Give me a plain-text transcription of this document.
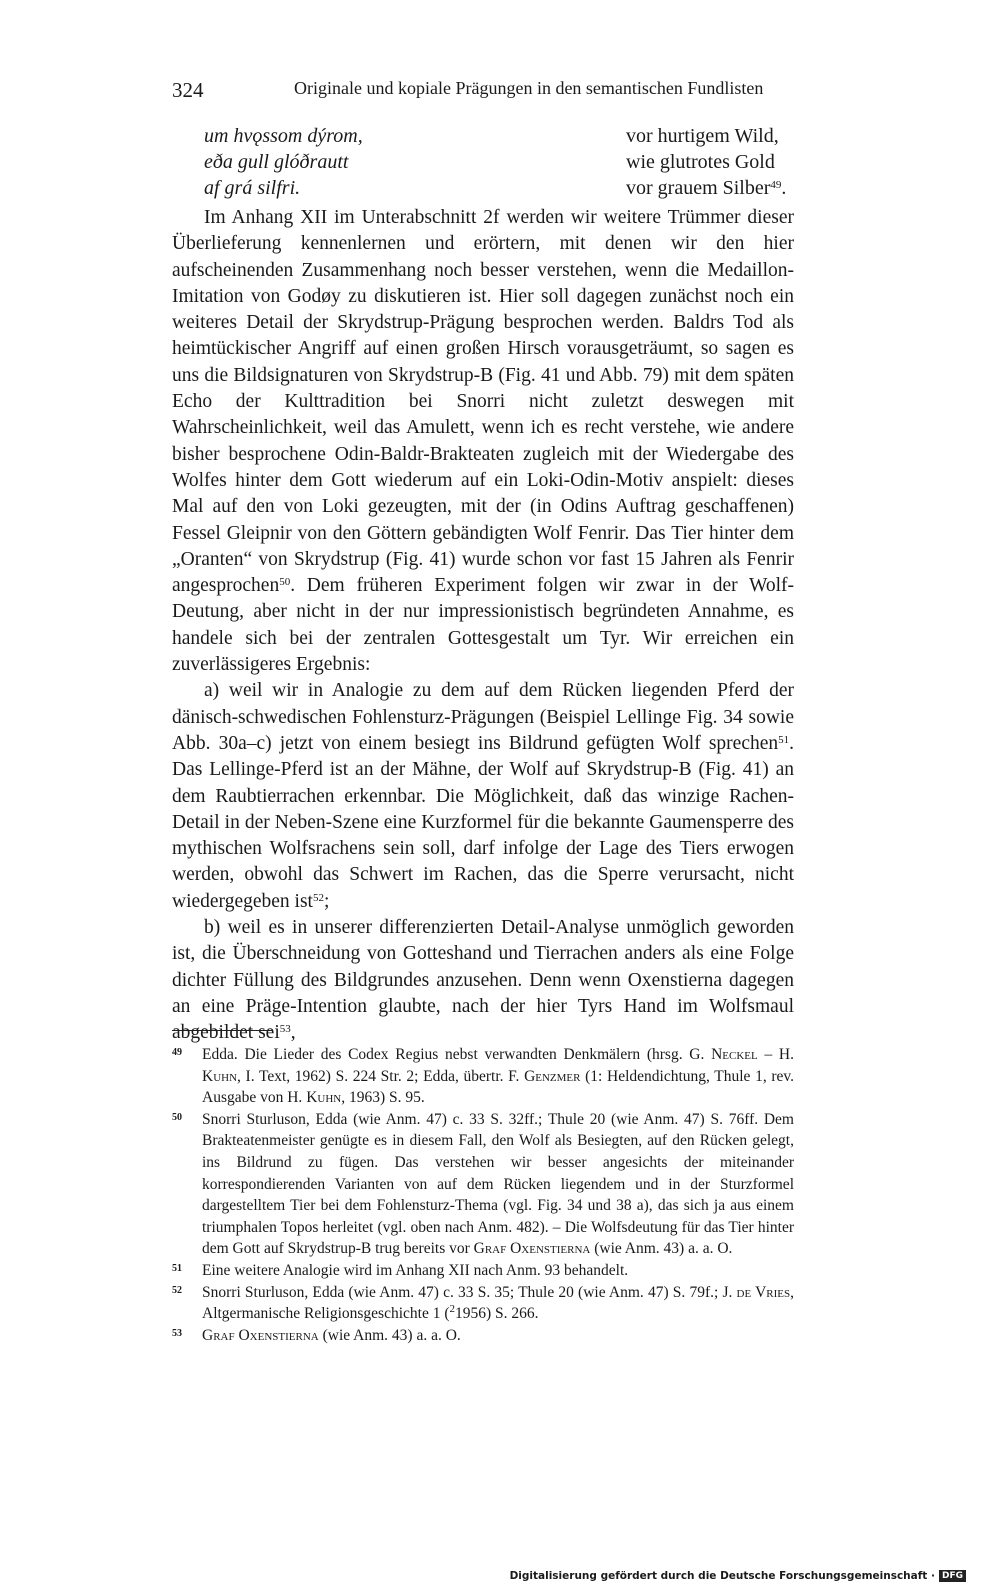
324	Originale und kopiale Prägungen in den semantischen Fundlisten
um hvǫssom dýrom,	vor hurtigem Wild,
eða gull glóðrautt	wie glutrotes Gold
af grá silfri.	vor grauem Silber$^{49}$.

Im Anhang XII im Unterabschnitt 2f werden wir weitere Trümmer dieser Überlieferung kennenlernen und erörtern, mit denen wir den hier aufscheinenden Zusammenhang noch besser verstehen, wenn die Medaillon-Imitation von Godøy zu diskutieren ist. Hier soll dagegen zunächst noch ein weiteres Detail der Skrydstrup-Prägung besprochen werden. Baldrs Tod als heimtückischer Angriff auf einen großen Hirsch vorausgeträumt, so sagen es uns die Bildsignaturen von Skrydstrup-B (Fig. 41 und Abb. 79) mit dem späten Echo der Kulttradition bei Snorri nicht zuletzt deswegen mit Wahrscheinlichkeit, weil das Amulett, wenn ich es recht verstehe, wie andere bisher besprochene Odin-Baldr-Brakteaten zugleich mit der Wiedergabe des Wolfes hinter dem Gott wiederum auf ein Loki-Odin-Motiv anspielt: dieses Mal auf den von Loki gezeugten, mit der (in Odins Auftrag geschaffenen) Fessel Gleipnir von den Göttern gebändigten Wolf Fenrir. Das Tier hinter dem „Oranten“ von Skrydstrup (Fig. 41) wurde schon vor fast 15 Jahren als Fenrir angesprochen$^{50}$. Dem früheren Experiment folgen wir zwar in der Wolf-Deutung, aber nicht in der nur impressionistisch begründeten Annahme, es handele sich bei der zentralen Gottesgestalt um Tyr. Wir erreichen ein zuverlässigeres Ergebnis:

a) weil wir in Analogie zu dem auf dem Rücken liegenden Pferd der dänisch-schwedischen Fohlensturz-Prägungen (Beispiel Lellinge Fig. 34 sowie Abb. 30a–c) jetzt von einem besiegt ins Bildrund gefügten Wolf sprechen$^{51}$. Das Lellinge-Pferd ist an der Mähne, der Wolf auf Skrydstrup-B (Fig. 41) an dem Raubtierrachen erkennbar. Die Möglichkeit, daß das winzige Rachen-Detail in der Neben-Szene eine Kurzformel für die bekannte Gaumensperre des mythischen Wolfsrachens sein soll, darf infolge der Lage des Tiers erwogen werden, obwohl das Schwert im Rachen, das die Sperre verursacht, nicht wiedergegeben ist$^{52}$;

b) weil es in unserer differenzierten Detail-Analyse unmöglich geworden ist, die Überschneidung von Gotteshand und Tierrachen anders als eine Folge dichter Füllung des Bildgrundes anzusehen. Denn wenn Oxenstierna dagegen an eine Präge-Intention glaubte, nach der hier Tyrs Hand im Wolfsmaul abgebildet sei$^{53}$,

49 Edda. Die Lieder des Codex Regius nebst verwandten Denkmälern (hrsg. G. Neckel – H. Kuhn, I. Text, 1962) S. 224 Str. 2; Edda, übertr. F. Genzmer (1: Heldendichtung, Thule 1, rev. Ausgabe von H. Kuhn, 1963) S. 95.

50 Snorri Sturluson, Edda (wie Anm. 47) c. 33 S. 32ff.; Thule 20 (wie Anm. 47) S. 76ff. Dem Brakteatenmeister genügte es in diesem Fall, den Wolf als Besiegten, auf den Rücken gelegt, ins Bildrund zu fügen. Das verstehen wir besser angesichts der miteinander korrespondierenden Varianten von auf dem Rücken liegendem und in der Sturzformel dargestelltem Tier bei dem Fohlensturz-Thema (vgl. Fig. 34 und 38 a), das sich ja aus einem triumphalen Topos herleitet (vgl. oben nach Anm. 482). – Die Wolfsdeutung für das Tier hinter dem Gott auf Skrydstrup-B trug bereits vor Graf Oxenstierna (wie Anm. 43) a. a. O.

51 Eine weitere Analogie wird im Anhang XII nach Anm. 93 behandelt.

52 Snorri Sturluson, Edda (wie Anm. 47) c. 33 S. 35; Thule 20 (wie Anm. 47) S. 79f.; J. de Vries, Altgermanische Religionsgeschichte 1 ($^2$1956) S. 266.

53 Graf Oxenstierna (wie Anm. 43) a. a. O.

Digitalisierung gefördert durch die Deutsche Forschungsgemeinschaft · DFG
